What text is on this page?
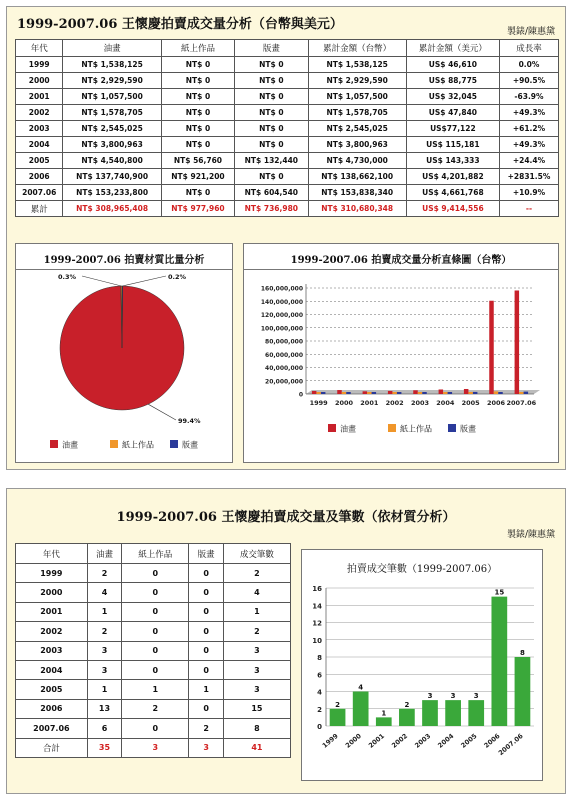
1999-2007.06 王懷慶拍賣成交量分析（台幣與美元）	製錶/陳惠黛
年代	油畫	紙上作品	版畫	累計金額（台幣）	累計金額（美元）	成長率
1999	NT$ 1,538,125	NT$ 0	NT$ 0	NT$ 1,538,125	US$ 46,610	0.0%
2000	NT$ 2,929,590	NT$ 0	NT$ 0	NT$ 2,929,590	US$ 88,775	+90.5%
2001	NT$ 1,057,500	NT$ 0	NT$ 0	NT$ 1,057,500	US$ 32,045	-63.9%
2002	NT$ 1,578,705	NT$ 0	NT$ 0	NT$ 1,578,705	US$ 47,840	+49.3%
2003	NT$ 2,545,025	NT$ 0	NT$ 0	NT$ 2,545,025	US$77,122	+61.2%
2004	NT$ 3,800,963	NT$ 0	NT$ 0	NT$ 3,800,963	US$ 115,181	+49.3%
2005	NT$ 4,540,800	NT$ 56,760	NT$ 132,440	NT$ 4,730,000	US$ 143,333	+24.4%
2006	NT$ 137,740,900	NT$ 921,200	NT$ 0	NT$ 138,662,100	US$ 4,201,882	+2831.5%
2007.06	NT$ 153,233,800	NT$ 0	NT$ 604,540	NT$ 153,838,340	US$ 4,661,768	+10.9%
累計	NT$ 308,965,408	NT$ 977,960	NT$ 736,980	NT$ 310,680,348	US$ 9,414,556	--
1999-2007.06 拍賣材質比量分析
0.3%	0.2%
99.4%
油畫	紙上作品	版畫
1999-2007.06 拍賣成交量分析直條圖（台幣）
0
20,000,000
40,000,000
60,000,000
80,000,000
100,000,000
120,000,000
140,000,000
160,000,000
1999 2000 2001 2002 2003 2004 2005 2006 2007.06
油畫	紙上作品	版畫
1999-2007.06 王懷慶拍賣成交量及筆數（依材質分析）
製錶/陳惠黛
年代	油畫	紙上作品	版畫	成交筆數
1999	2	0	0	2
2000	4	0	0	4
2001	1	0	0	1
2002	2	0	0	2
2003	3	0	0	3
2004	3	0	0	3
2005	1	1	1	3
2006	13	2	0	15
2007.06	6	0	2	8
合計	35	3	3	41
拍賣成交筆數（1999-2007.06）
0
2
4
6
8
10
12
14
16
2
1999
4
2000
1
2001
2
2002
3
2003
3
2004
3
2005
15
2006
8
2007.06
